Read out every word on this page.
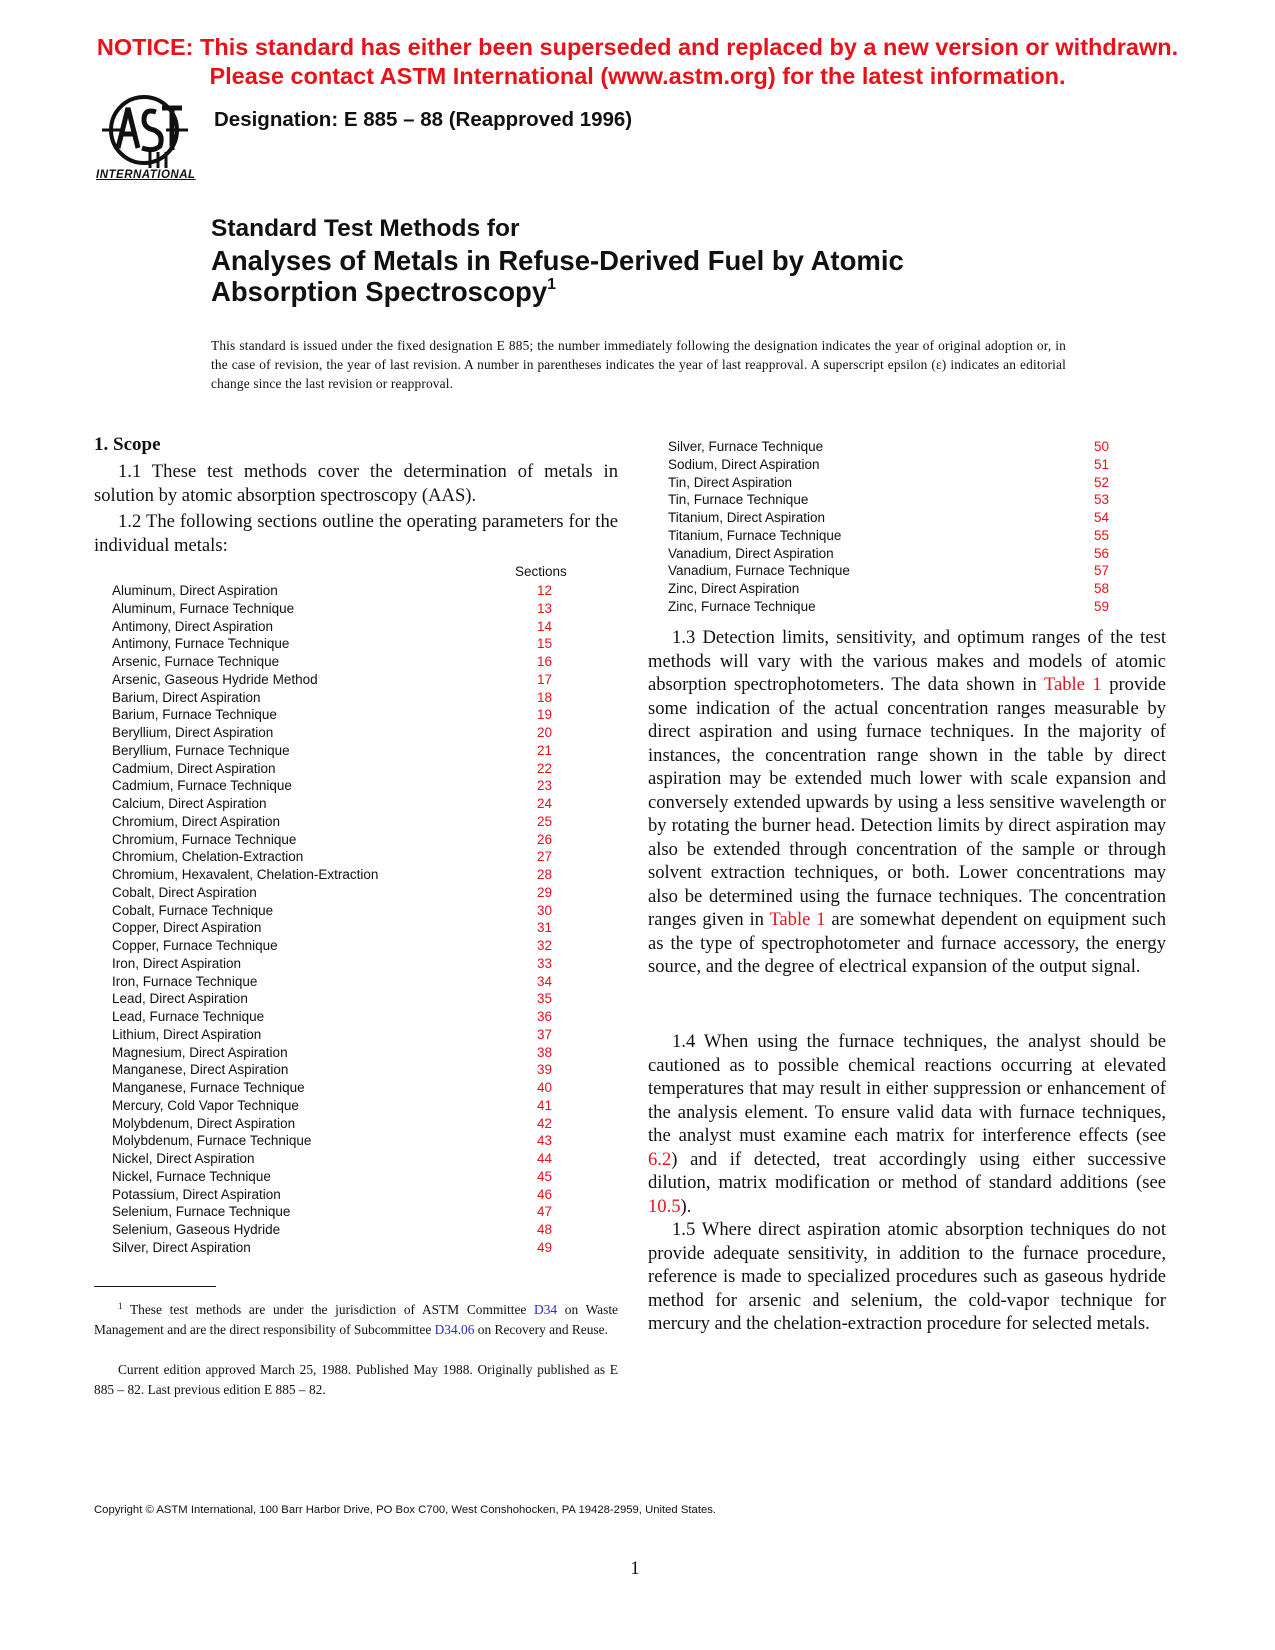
NOTICE: This standard has either been superseded and replaced by a new version or withdrawn.
Please contact ASTM International (www.astm.org) for the latest information.
INTERNATIONAL
Designation: E 885 – 88 (Reapproved 1996)
Standard Test Methods for
Analyses of Metals in Refuse-Derived Fuel by Atomic
Absorption Spectroscopy$^1$
This standard is issued under the fixed designation E 885; the number immediately following the designation indicates the year of original adoption or, in the case of revision, the year of last revision. A number in parentheses indicates the year of last reapproval. A superscript epsilon (ε) indicates an editorial change since the last revision or reapproval.
1. Scope
1.1 These test methods cover the determination of metals in solution by atomic absorption spectroscopy (AAS).
1.2 The following sections outline the operating parameters for the individual metals:
Sections
Aluminum, Direct Aspiration	12
Aluminum, Furnace Technique	13
Antimony, Direct Aspiration	14
Antimony, Furnace Technique	15
Arsenic, Furnace Technique	16
Arsenic, Gaseous Hydride Method	17
Barium, Direct Aspiration	18
Barium, Furnace Technique	19
Beryllium, Direct Aspiration	20
Beryllium, Furnace Technique	21
Cadmium, Direct Aspiration	22
Cadmium, Furnace Technique	23
Calcium, Direct Aspiration	24
Chromium, Direct Aspiration	25
Chromium, Furnace Technique	26
Chromium, Chelation-Extraction	27
Chromium, Hexavalent, Chelation-Extraction	28
Cobalt, Direct Aspiration	29
Cobalt, Furnace Technique	30
Copper, Direct Aspiration	31
Copper, Furnace Technique	32
Iron, Direct Aspiration	33
Iron, Furnace Technique	34
Lead, Direct Aspiration	35
Lead, Furnace Technique	36
Lithium, Direct Aspiration	37
Magnesium, Direct Aspiration	38
Manganese, Direct Aspiration	39
Manganese, Furnace Technique	40
Mercury, Cold Vapor Technique	41
Molybdenum, Direct Aspiration	42
Molybdenum, Furnace Technique	43
Nickel, Direct Aspiration	44
Nickel, Furnace Technique	45
Potassium, Direct Aspiration	46
Selenium, Furnace Technique	47
Selenium, Gaseous Hydride	48
Silver, Direct Aspiration	49
$^1$ These test methods are under the jurisdiction of ASTM Committee D34 on Waste Management and are the direct responsibility of Subcommittee D34.06 on Recovery and Reuse.
Current edition approved March 25, 1988. Published May 1988. Originally published as E 885 – 82. Last previous edition E 885 – 82.
Silver, Furnace Technique	50
Sodium, Direct Aspiration	51
Tin, Direct Aspiration	52
Tin, Furnace Technique	53
Titanium, Direct Aspiration	54
Titanium, Furnace Technique	55
Vanadium, Direct Aspiration	56
Vanadium, Furnace Technique	57
Zinc, Direct Aspiration	58
Zinc, Furnace Technique	59
1.3 Detection limits, sensitivity, and optimum ranges of the test methods will vary with the various makes and models of atomic absorption spectrophotometers. The data shown in Table 1 provide some indication of the actual concentration ranges measurable by direct aspiration and using furnace techniques. In the majority of instances, the concentration range shown in the table by direct aspiration may be extended much lower with scale expansion and conversely extended upwards by using a less sensitive wavelength or by rotating the burner head. Detection limits by direct aspiration may also be extended through concentration of the sample or through solvent extraction techniques, or both. Lower concentrations may also be determined using the furnace techniques. The concentration ranges given in Table 1 are somewhat dependent on equipment such as the type of spectrophotometer and furnace accessory, the energy source, and the degree of electrical expansion of the output signal.
1.4 When using the furnace techniques, the analyst should be cautioned as to possible chemical reactions occurring at elevated temperatures that may result in either suppression or enhancement of the analysis element. To ensure valid data with furnace techniques, the analyst must examine each matrix for interference effects (see 6.2) and if detected, treat accordingly using either successive dilution, matrix modification or method of standard additions (see 10.5).
1.5 Where direct aspiration atomic absorption techniques do not provide adequate sensitivity, in addition to the furnace procedure, reference is made to specialized procedures such as gaseous hydride method for arsenic and selenium, the cold-vapor technique for mercury and the chelation-extraction procedure for selected metals.
Copyright © ASTM International, 100 Barr Harbor Drive, PO Box C700, West Conshohocken, PA 19428-2959, United States.
1
